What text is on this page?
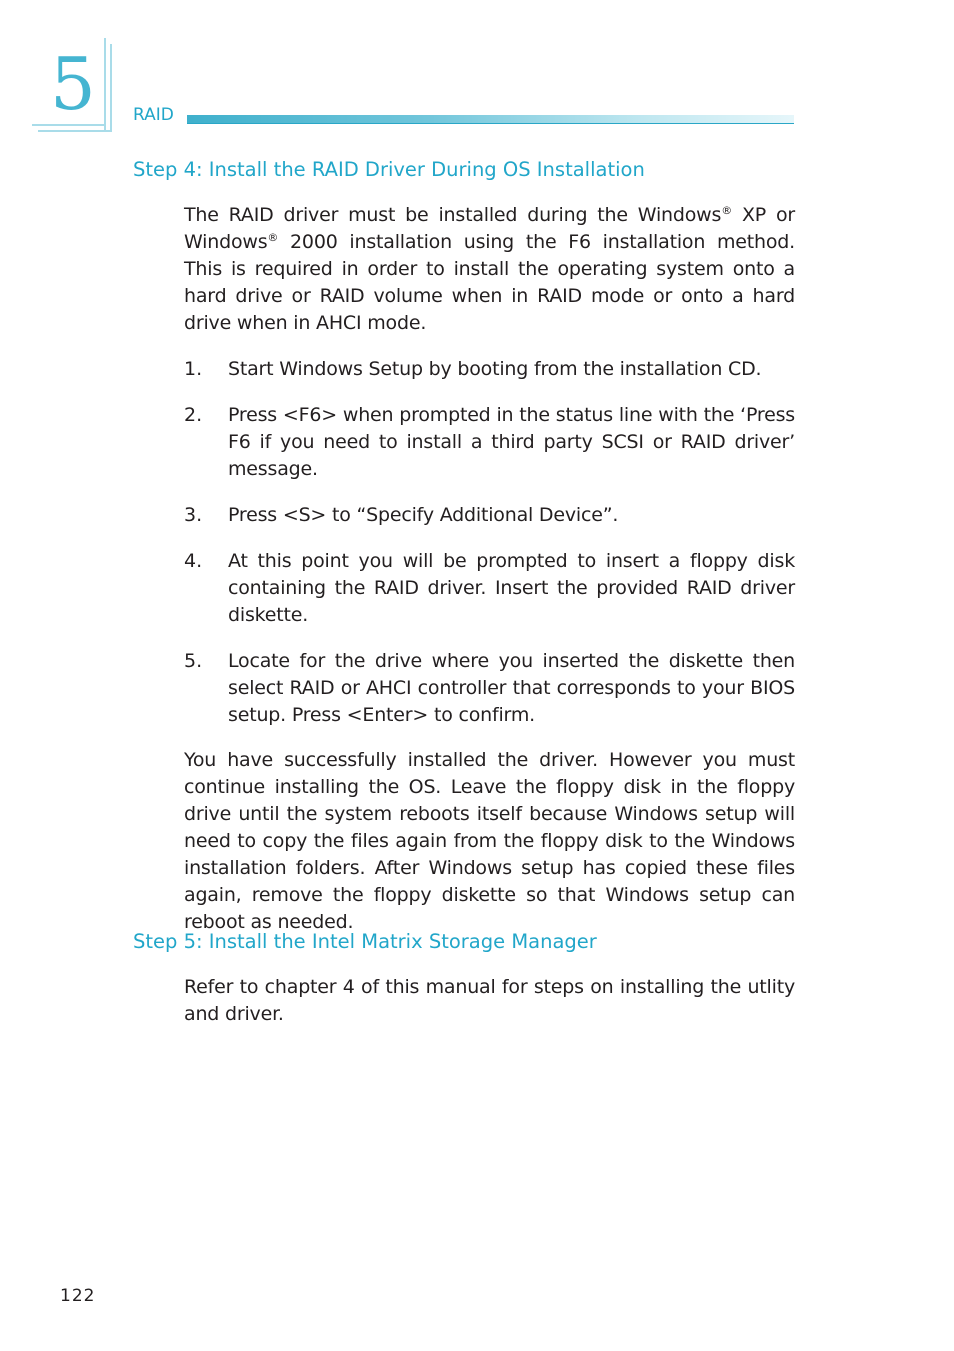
5 RAID
Step 4: Install the RAID Driver During OS Installation

The RAID driver must be installed during the Windows® XP or Windows® 2000 installation using the F6 installation method. This is required in order to install the operating system onto a hard drive or RAID volume when in RAID mode or onto a hard drive when in AHCI mode.

1. Start Windows Setup by booting from the installation CD.
2. Press <F6> when prompted in the status line with the ‘Press F6 if you need to install a third party SCSI or RAID driver’ message.
3. Press <S> to “Specify Additional Device”.
4. At this point you will be prompted to insert a floppy disk containing the RAID driver. Insert the provided RAID driver diskette.
5. Locate for the drive where you inserted the diskette then select RAID or AHCI controller that corresponds to your BIOS setup. Press <Enter> to confirm.

You have successfully installed the driver. However you must continue installing the OS. Leave the floppy disk in the floppy drive until the system reboots itself because Windows setup will need to copy the files again from the floppy disk to the Windows installation folders. After Windows setup has copied these files again, remove the floppy diskette so that Windows setup can reboot as needed.

Step 5: Install the Intel Matrix Storage Manager

Refer to chapter 4 of this manual for steps on installing the utlity and driver.

122
